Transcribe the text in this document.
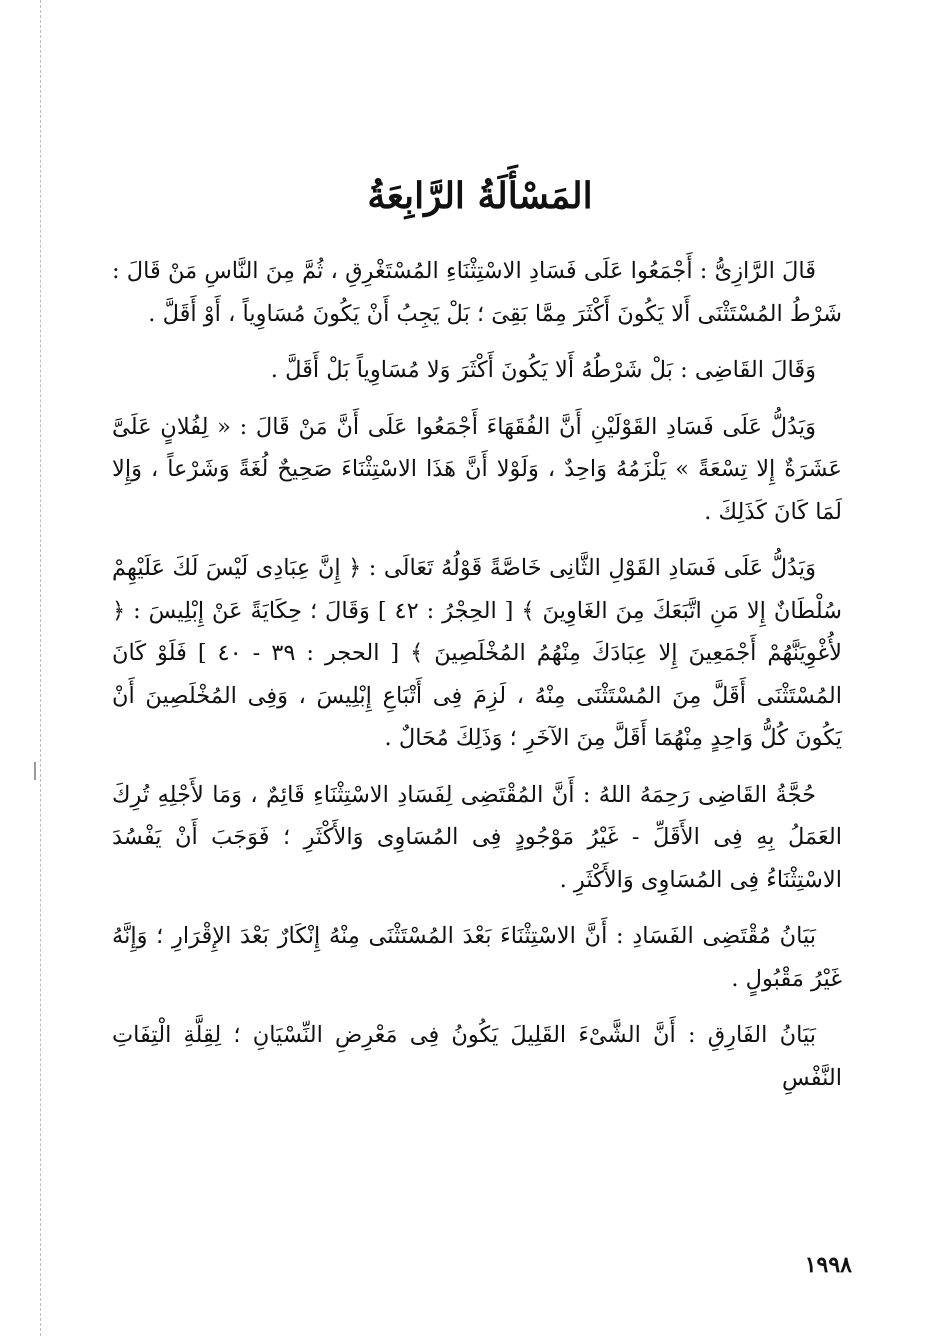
المَسْأَلَةُ الرَّابِعَةُ

قَالَ الرَّازِىُّ : أَجْمَعُوا عَلَى فَسَادِ الاسْتِثْنَاءِ المُسْتَغْرِقِ ، ثُمَّ مِنَ النَّاسِ مَنْ قَالَ : شَرْطُ المُسْتَثْنَى أَلا يَكُونَ أَكْثَرَ مِمَّا بَقِىَ ؛ بَلْ يَجِبُ أَنْ يَكُونَ مُسَاوِياً ، أَوْ أَقَلَّ .

وَقَالَ القَاضِى : بَلْ شَرْطُهُ أَلا يَكُونَ أَكْثَرَ وَلا مُسَاوِياً بَلْ أَقَلَّ .

وَيَدُلُّ عَلَى فَسَادِ القَوْلَيْنِ أَنَّ الفُقَهَاءَ أَجْمَعُوا عَلَى أَنَّ مَنْ قَالَ : « لِفُلانٍ عَلَىَّ عَشَرَةٌ إِلا تِسْعَةً » يَلْزَمُهُ وَاحِدٌ ، وَلَوْلا أَنَّ هَذَا الاسْتِثْنَاءَ صَحِيحٌ لُغَةً وَشَرْعاً ، وَإِلا لَمَا كَانَ كَذَلِكَ .

وَيَدُلُّ عَلَى فَسَادِ القَوْلِ الثَّانِى خَاصَّةً قَوْلُهُ تَعَالَى : ﴿ إِنَّ عِبَادِى لَيْسَ لَكَ عَلَيْهِمْ سُلْطَانٌ إِلا مَنِ اتَّبَعَكَ مِنَ الغَاوِينَ ﴾ [ الحِجْرُ : ٤٢ ] وَقَالَ ؛ حِكَايَةً عَنْ إِبْلِيسَ : ﴿ لأُغْوِيَنَّهُمْ أَجْمَعِينَ إِلا عِبَادَكَ مِنْهُمُ المُخْلَصِينَ ﴾ [ الحجر : ٣٩ - ٤٠ ] فَلَوْ كَانَ المُسْتَثْنَى أَقَلَّ مِنَ المُسْتَثْنَى مِنْهُ ، لَزِمَ فِى أَتْبَاعِ إِبْلِيسَ ، وَفِى المُخْلَصِينَ أَنْ يَكُونَ كُلُّ وَاحِدٍ مِنْهُمَا أَقَلَّ مِنَ الآخَرِ ؛ وَذَلِكَ مُحَالٌ .

حُجَّةُ القَاضِى رَحِمَهُ اللهُ : أَنَّ المُقْتَضِى لِفَسَادِ الاسْتِثْنَاءِ قَائِمٌ ، وَمَا لأَجْلِهِ تُرِكَ العَمَلُ بِهِ فِى الأَقَلِّ - غَيْرُ مَوْجُودٍ فِى المُسَاوِى وَالأَكْثَرِ ؛ فَوَجَبَ أَنْ يَفْسُدَ الاسْتِثْنَاءُ فِى المُسَاوِى وَالأَكْثَرِ .

بَيَانُ مُقْتَضِى الفَسَادِ : أَنَّ الاسْتِثْنَاءَ بَعْدَ المُسْتَثْنَى مِنْهُ إِنْكَارٌ بَعْدَ الإِقْرَارِ ؛ وَإِنَّهُ غَيْرُ مَقْبُولٍ .

بَيَانُ الفَارِقِ : أَنَّ الشَّىْءَ القَلِيلَ يَكُونُ فِى مَعْرِضِ النِّسْيَانِ ؛ لِقِلَّةِ الْتِفَاتِ النَّفْسِ

١٩٩٨
